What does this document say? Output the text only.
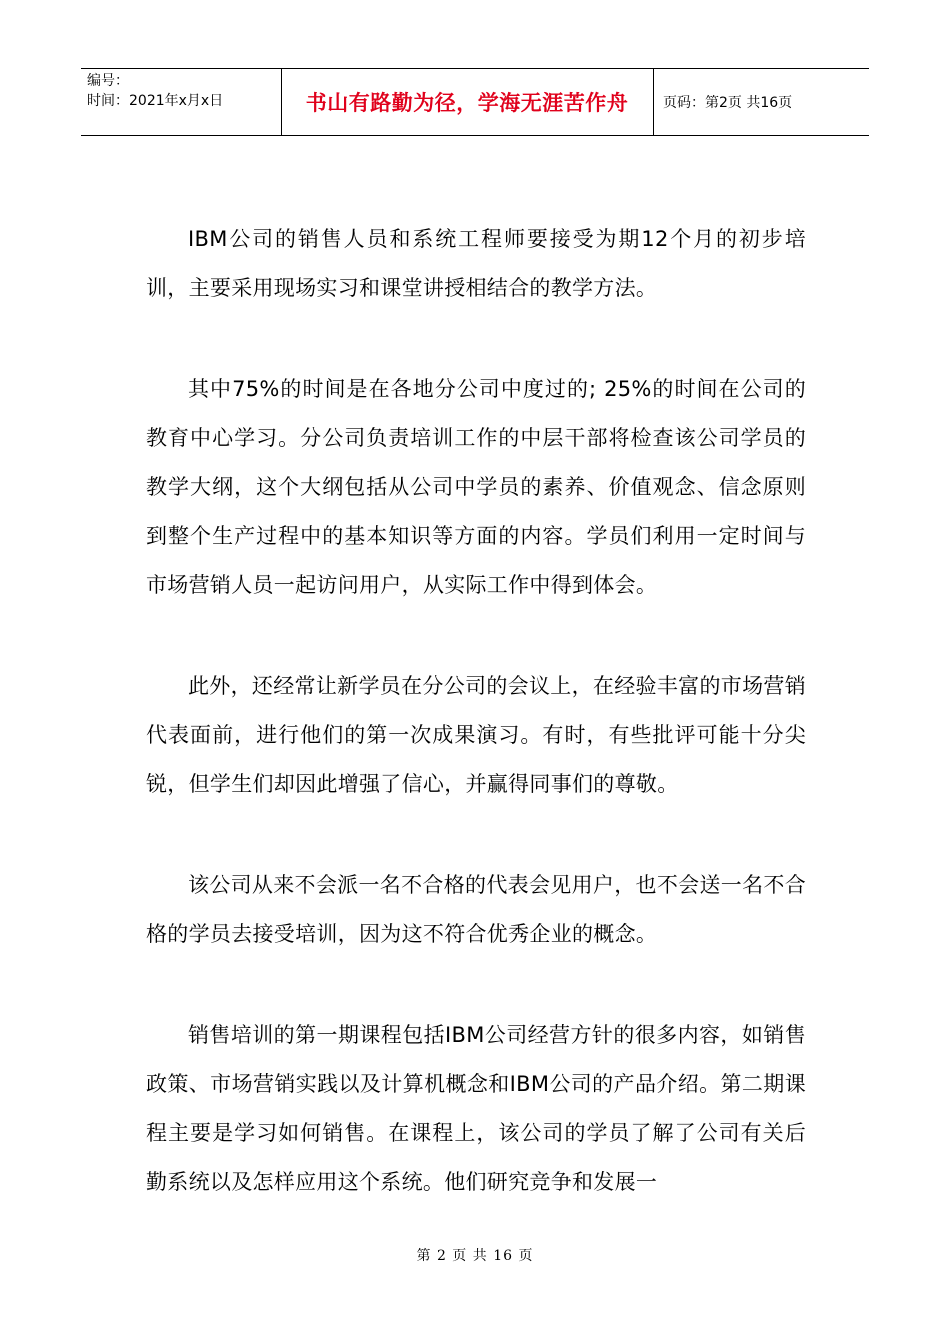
编号：
时间：2021年x月x日	书山有路勤为径，学海无涯苦作舟	页码：第2页 共16页

IBM公司的销售人员和系统工程师要接受为期12个月的初步培训，主要采用现场实习和课堂讲授相结合的教学方法。

其中75%的时间是在各地分公司中度过的; 25%的时间在公司的教育中心学习。分公司负责培训工作的中层干部将检查该公司学员的教学大纲，这个大纲包括从公司中学员的素养、价值观念、信念原则到整个生产过程中的基本知识等方面的内容。学员们利用一定时间与市场营销人员一起访问用户，从实际工作中得到体会。

此外，还经常让新学员在分公司的会议上，在经验丰富的市场营销代表面前，进行他们的第一次成果演习。有时，有些批评可能十分尖锐，但学生们却因此增强了信心，并赢得同事们的尊敬。

该公司从来不会派一名不合格的代表会见用户，也不会送一名不合格的学员去接受培训，因为这不符合优秀企业的概念。

销售培训的第一期课程包括IBM公司经营方针的很多内容，如销售政策、市场营销实践以及计算机概念和IBM公司的产品介绍。第二期课程主要是学习如何销售。在课程上，该公司的学员了解了公司有关后勤系统以及怎样应用这个系统。他们研究竞争和发展一

第 2 页 共 16 页
